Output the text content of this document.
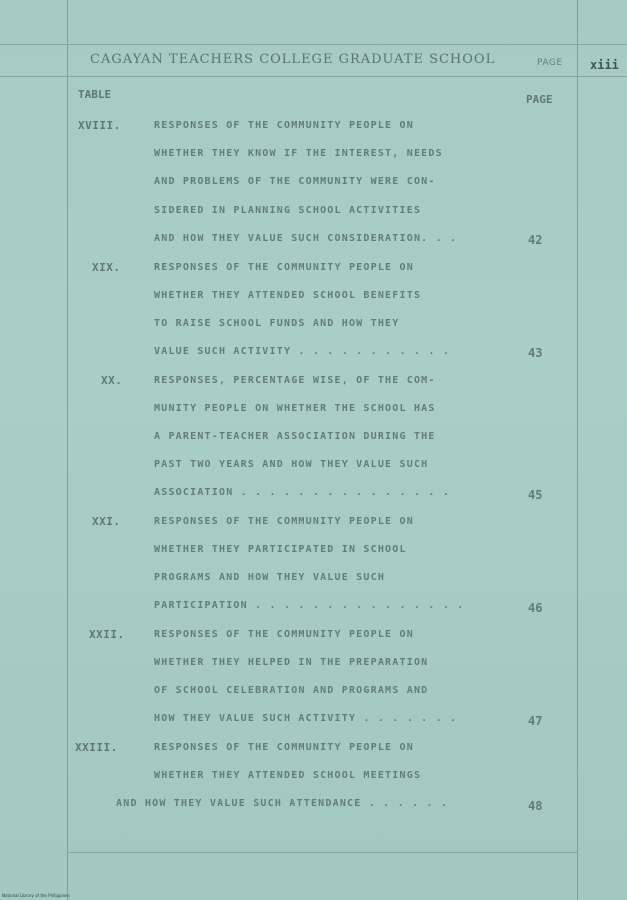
CAGAYAN TEACHERS COLLEGE GRADUATE SCHOOL	PAGE xiii
TABLE	PAGE
XVIII.	RESPONSES OF THE COMMUNITY PEOPLE ON
WHETHER THEY KNOW IF THE INTEREST, NEEDS
AND PROBLEMS OF THE COMMUNITY WERE CON-
SIDERED IN PLANNING SCHOOL ACTIVITIES
AND HOW THEY VALUE SUCH CONSIDERATION. . .	42
XIX.	RESPONSES OF THE COMMUNITY PEOPLE ON
WHETHER THEY ATTENDED SCHOOL BENEFITS
TO RAISE SCHOOL FUNDS AND HOW THEY
VALUE SUCH ACTIVITY . . . . . . . . . . .	43
XX.	RESPONSES, PERCENTAGE WISE, OF THE COM-
MUNITY PEOPLE ON WHETHER THE SCHOOL HAS
A PARENT-TEACHER ASSOCIATION DURING THE
PAST TWO YEARS AND HOW THEY VALUE SUCH
ASSOCIATION . . . . . . . . . . . . . . .	45
XXI.	RESPONSES OF THE COMMUNITY PEOPLE ON
WHETHER THEY PARTICIPATED IN SCHOOL
PROGRAMS AND HOW THEY VALUE SUCH
PARTICIPATION . . . . . . . . . . . . . . .	46
XXII.	RESPONSES OF THE COMMUNITY PEOPLE ON
WHETHER THEY HELPED IN THE PREPARATION
OF SCHOOL CELEBRATION AND PROGRAMS AND
HOW THEY VALUE SUCH ACTIVITY . . . . . . .	47
XXIII.	RESPONSES OF THE COMMUNITY PEOPLE ON
WHETHER THEY ATTENDED SCHOOL MEETINGS
AND HOW THEY VALUE SUCH ATTENDANCE . . . . . .	48
National Library of the Philippines
